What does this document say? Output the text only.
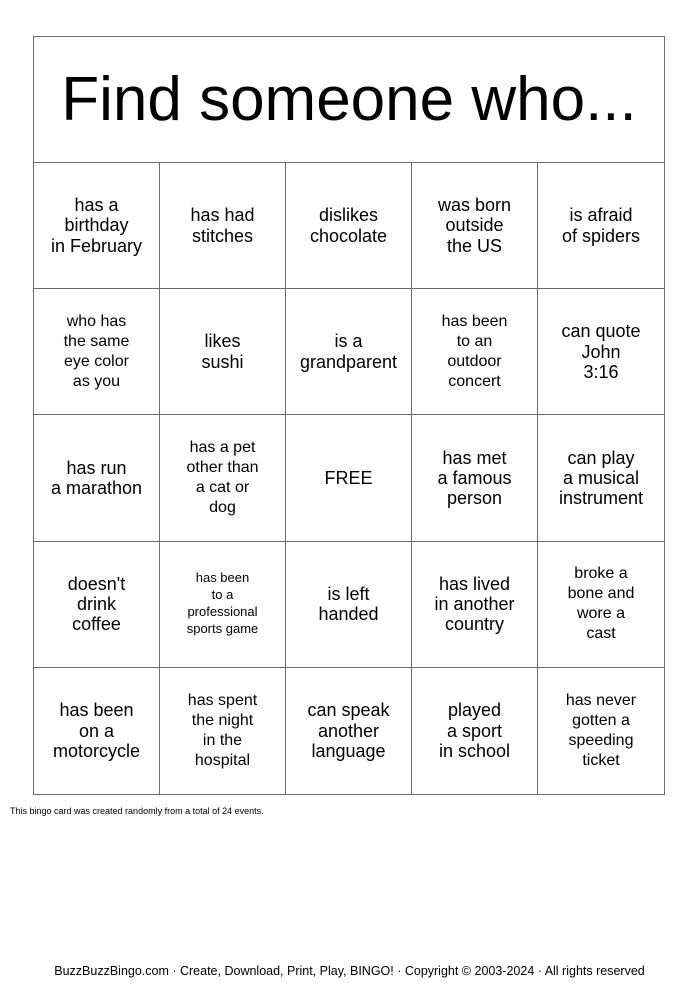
Find someone who...
has a
birthday
in February
has had
stitches
dislikes
chocolate
was born
outside
the US
is afraid
of spiders
who has
the same
eye color
as you
likes
sushi
is a
grandparent
has been
to an
outdoor
concert
can quote
John
3:16
has run
a marathon
has a pet
other than
a cat or
dog
FREE
has met
a famous
person
can play
a musical
instrument
doesn't
drink
coffee
has been
to a
professional
sports game
is left
handed
has lived
in another
country
broke a
bone and
wore a
cast
has been
on a
motorcycle
has spent
the night
in the
hospital
can speak
another
language
played
a sport
in school
has never
gotten a
speeding
ticket
This bingo card was created randomly from a total of 24 events.
BuzzBuzzBingo.com · Create, Download, Print, Play, BINGO! · Copyright © 2003-2024 · All rights reserved
